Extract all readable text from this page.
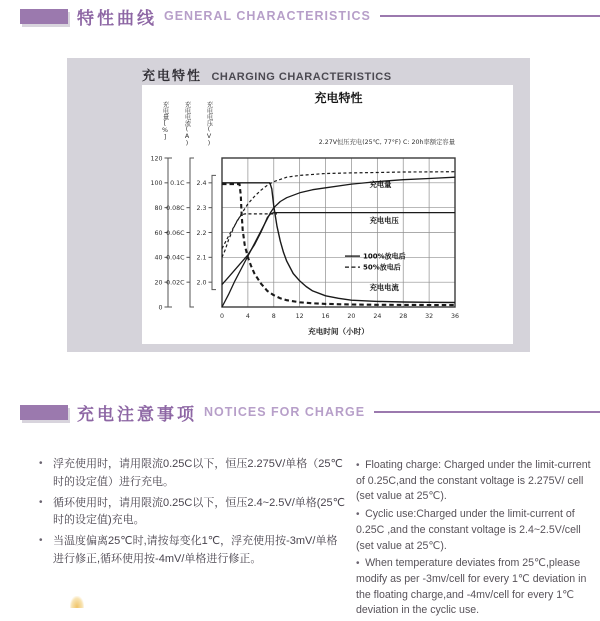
特性曲线 GENERAL CHARACTERISTICS
充电特性 CHARGING CHARACTERISTICS
0
20
40
60
80
100
120
充电量[%]
0.02C
0.04C
0.06C
0.08C
0.1C
充电电流(A)
2.0
2.1
2.2
2.3
2.4
充电电压(V)
0	4	8	12	16	20	24	28	32	36
充电时间（小时）
充电特性
2.27V恒压充电(25℃, 77°F) C: 20h率额定容量
充电量
充电电压
充电电流
100%放电后
50%放电后
充电注意事项 NOTICES FOR CHARGE
• 浮充使用时，请用限流0.25C以下，恒压2.275V/单格（25℃时的设定值）进行充电。
• 循环使用时，请用限流0.25C以下，恒压2.4~2.5V/单格(25℃时的设定值)充电。
• 当温度偏离25℃时,请按每变化1℃，浮充使用按-3mV/单格进行修正,循环使用按-4mV/单格进行修正。
•  Floating charge: Charged under the limit-current of 0.25C,and the constant voltage is 2.275V/ cell (set value at 25℃).
•  Cyclic use:Charged under the limit-current of 0.25C ,and the constant voltage is 2.4~2.5V/cell (set value at 25℃).
•  When temperature deviates from 25℃,please modify as per -3mv/cell for every 1℃ deviation in the floating charge,and -4mv/cell for every 1℃ deviation in the cyclic use.
